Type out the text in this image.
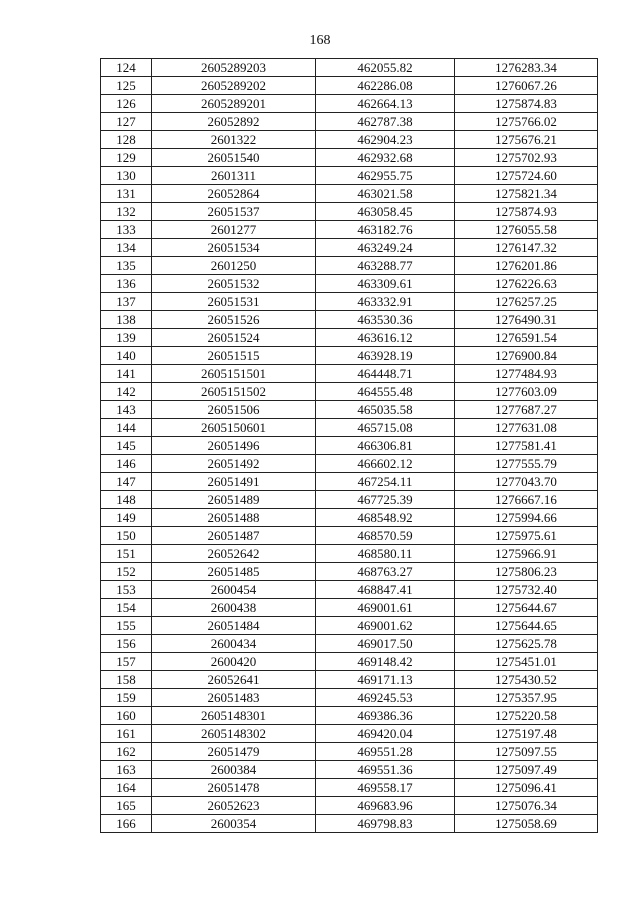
168
124	2605289203	462055.82	1276283.34
125	2605289202	462286.08	1276067.26
126	2605289201	462664.13	1275874.83
127	26052892	462787.38	1275766.02
128	2601322	462904.23	1275676.21
129	26051540	462932.68	1275702.93
130	2601311	462955.75	1275724.60
131	26052864	463021.58	1275821.34
132	26051537	463058.45	1275874.93
133	2601277	463182.76	1276055.58
134	26051534	463249.24	1276147.32
135	2601250	463288.77	1276201.86
136	26051532	463309.61	1276226.63
137	26051531	463332.91	1276257.25
138	26051526	463530.36	1276490.31
139	26051524	463616.12	1276591.54
140	26051515	463928.19	1276900.84
141	2605151501	464448.71	1277484.93
142	2605151502	464555.48	1277603.09
143	26051506	465035.58	1277687.27
144	2605150601	465715.08	1277631.08
145	26051496	466306.81	1277581.41
146	26051492	466602.12	1277555.79
147	26051491	467254.11	1277043.70
148	26051489	467725.39	1276667.16
149	26051488	468548.92	1275994.66
150	26051487	468570.59	1275975.61
151	26052642	468580.11	1275966.91
152	26051485	468763.27	1275806.23
153	2600454	468847.41	1275732.40
154	2600438	469001.61	1275644.67
155	26051484	469001.62	1275644.65
156	2600434	469017.50	1275625.78
157	2600420	469148.42	1275451.01
158	26052641	469171.13	1275430.52
159	26051483	469245.53	1275357.95
160	2605148301	469386.36	1275220.58
161	2605148302	469420.04	1275197.48
162	26051479	469551.28	1275097.55
163	2600384	469551.36	1275097.49
164	26051478	469558.17	1275096.41
165	26052623	469683.96	1275076.34
166	2600354	469798.83	1275058.69
